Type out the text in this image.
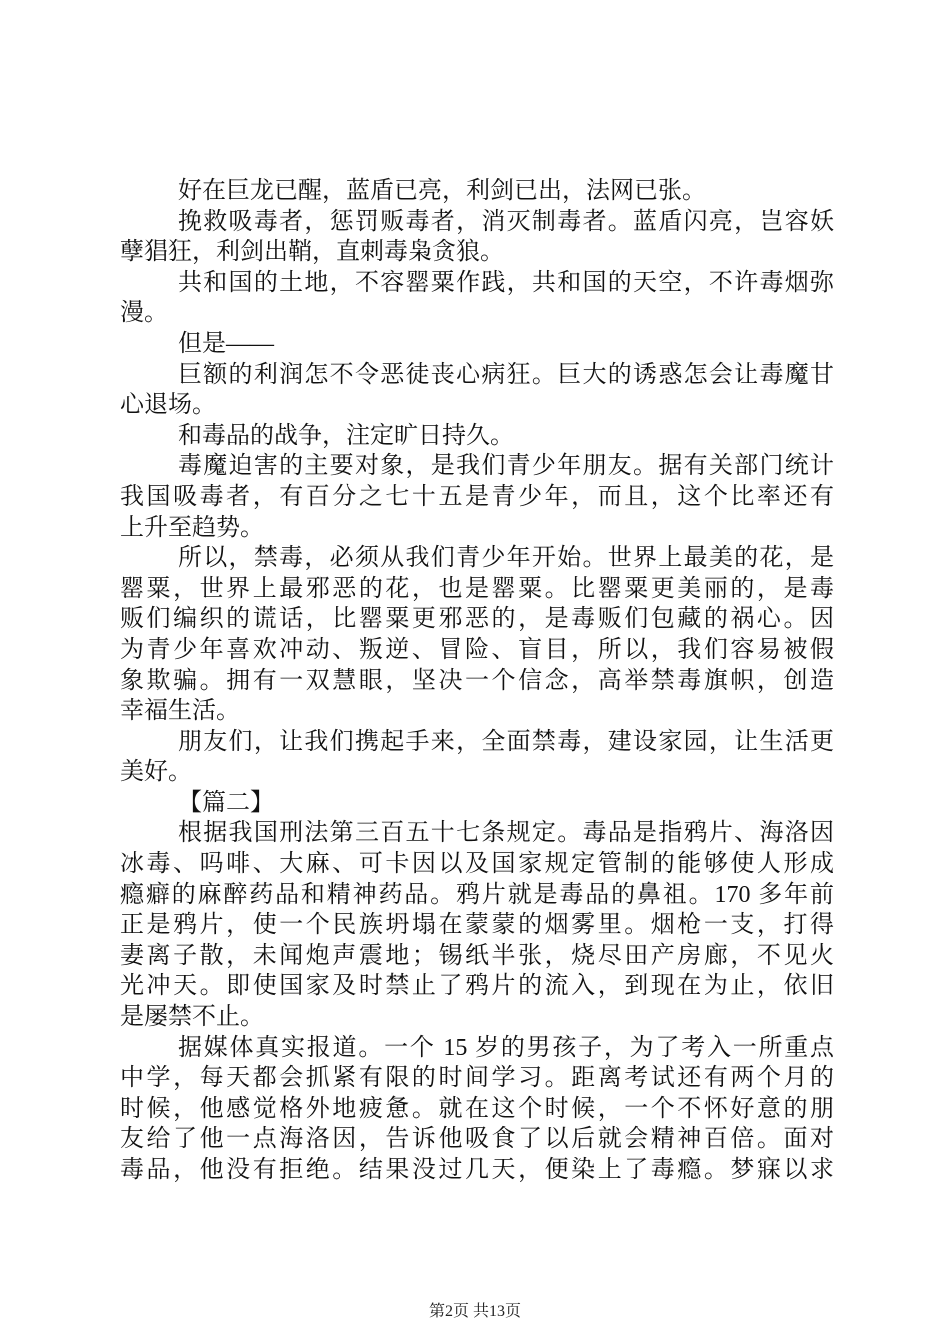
好在巨龙已醒，蓝盾已亮，利剑已出，法网已张。
挽救吸毒者，惩罚贩毒者，消灭制毒者。蓝盾闪亮，岂容妖
孽猖狂，利剑出鞘，直刺毒枭贪狼。
共和国的土地，不容罂粟作践，共和国的天空，不许毒烟弥
漫。
但是——
巨额的利润怎不令恶徒丧心病狂。巨大的诱惑怎会让毒魔甘
心退场。
和毒品的战争，注定旷日持久。
毒魔迫害的主要对象，是我们青少年朋友。据有关部门统计
我国吸毒者，有百分之七十五是青少年，而且，这个比率还有
上升至趋势。
所以，禁毒，必须从我们青少年开始。世界上最美的花，是
罂粟，世界上最邪恶的花，也是罂粟。比罂粟更美丽的，是毒
贩们编织的谎话，比罂粟更邪恶的，是毒贩们包藏的祸心。因
为青少年喜欢冲动、叛逆、冒险、盲目，所以，我们容易被假
象欺骗。拥有一双慧眼，坚决一个信念，高举禁毒旗帜，创造
幸福生活。
朋友们，让我们携起手来，全面禁毒，建设家园，让生活更
美好。
【篇二】
根据我国刑法第三百五十七条规定。毒品是指鸦片、海洛因
冰毒、吗啡、大麻、可卡因以及国家规定管制的能够使人形成
瘾癖的麻醉药品和精神药品。鸦片就是毒品的鼻祖。170 多年前
正是鸦片，使一个民族坍塌在蒙蒙的烟雾里。烟枪一支，打得
妻离子散，未闻炮声震地；锡纸半张，烧尽田产房廊，不见火
光冲天。即使国家及时禁止了鸦片的流入，到现在为止，依旧
是屡禁不止。
据媒体真实报道。一个 15 岁的男孩子，为了考入一所重点
中学，每天都会抓紧有限的时间学习。距离考试还有两个月的
时候，他感觉格外地疲惫。就在这个时候，一个不怀好意的朋
友给了他一点海洛因，告诉他吸食了以后就会精神百倍。面对
毒品，他没有拒绝。结果没过几天，便染上了毒瘾。梦寐以求
第2页 共13页
